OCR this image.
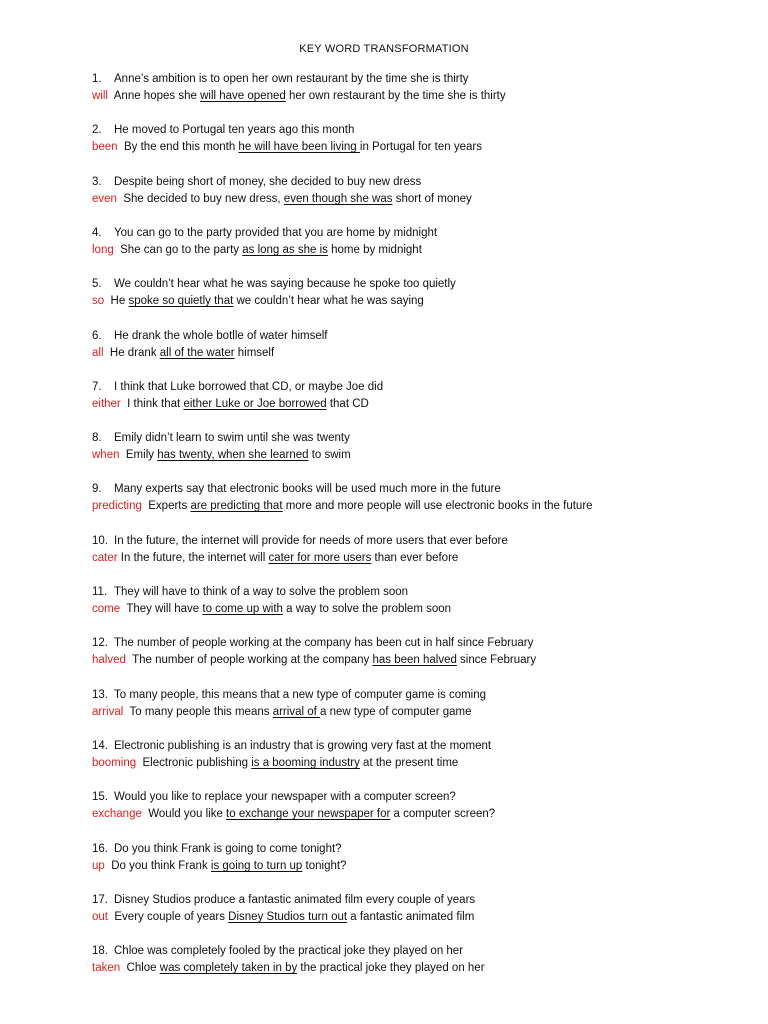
KEY WORD TRANSFORMATION
1. Anne’s ambition is to open her own restaurant by the time she is thirty
will Anne hopes she will have opened her own restaurant by the time she is thirty
2. He moved to Portugal ten years ago this month
been By the end this month he will have been living in Portugal for ten years
3. Despite being short of money, she decided to buy new dress
even She decided to buy new dress, even though she was short of money
4. You can go to the party provided that you are home by midnight
long She can go to the party as long as she is home by midnight
5. We couldn’t hear what he was saying because he spoke too quietly
so He spoke so quietly that we couldn’t hear what he was saying
6. He drank the whole botlle of water himself
all He drank all of the water himself
7. I think that Luke borrowed that CD, or maybe Joe did
either I think that either Luke or Joe borrowed that CD
8. Emily didn’t learn to swim until she was twenty
when Emily has twenty, when she learned to swim
9. Many experts say that electronic books will be used much more in the future
predicting Experts are predicting that more and more people will use electronic books in the future
10. In the future, the internet will provide for needs of more users that ever before
cater In the future, the internet will cater for more users than ever before
11. They will have to think of a way to solve the problem soon
come They will have to come up with a way to solve the problem soon
12. The number of people working at the company has been cut in half since February
halved The number of people working at the company has been halved since February
13. To many people, this means that a new type of computer game is coming
arrival To many people this means arrival of a new type of computer game
14. Electronic publishing is an industry that is growing very fast at the moment
booming Electronic publishing is a booming industry at the present time
15. Would you like to replace your newspaper with a computer screen?
exchange Would you like to exchange your newspaper for a computer screen?
16. Do you think Frank is going to come tonight?
up Do you think Frank is going to turn up tonight?
17. Disney Studios produce a fantastic animated film every couple of years
out Every couple of years Disney Studios turn out a fantastic animated film
18. Chloe was completely fooled by the practical joke they played on her
taken Chloe was completely taken in by the practical joke they played on her
